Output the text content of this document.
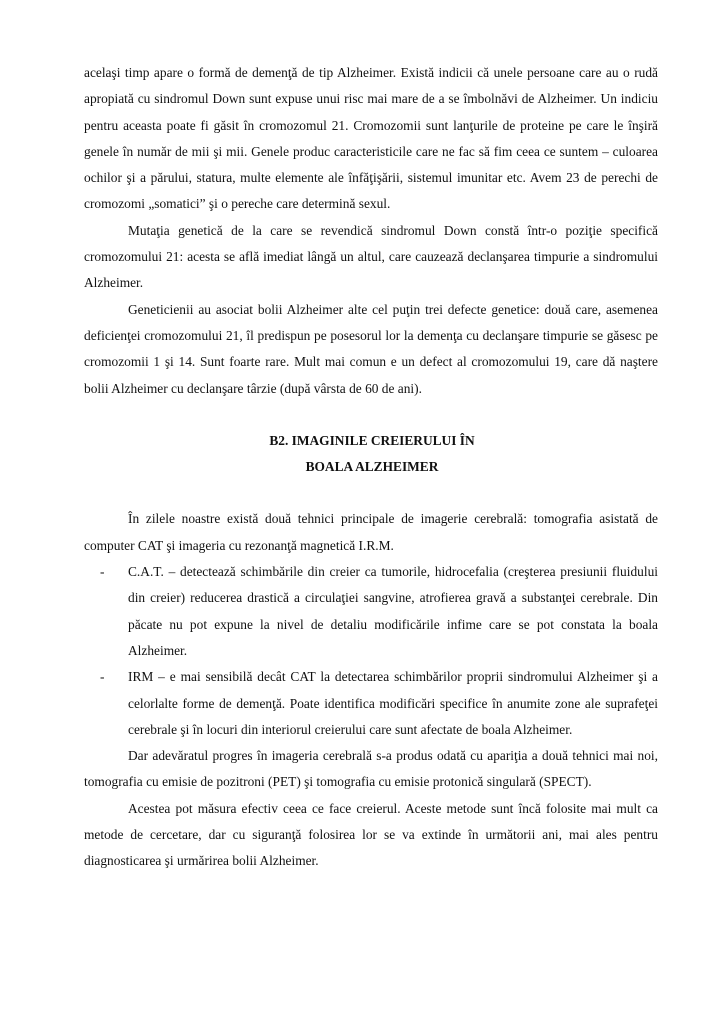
acelaşi timp apare o formă de demenţă de tip Alzheimer. Există indicii că unele persoane care au o rudă apropiată cu sindromul Down sunt expuse unui risc mai mare de a se îmbolnăvi de Alzheimer. Un indiciu pentru aceasta poate fi găsit în cromozomul 21. Cromozomii sunt lanţurile de proteine pe care le înşiră genele în număr de mii şi mii. Genele produc caracteristicile care ne fac să fim ceea ce suntem – culoarea ochilor şi a părului, statura, multe elemente ale înfăţişării, sistemul imunitar etc. Avem 23 de perechi de cromozomi „somatici” şi o pereche care determină sexul.

Mutaţia genetică de la care se revendică sindromul Down constă într-o poziţie specifică cromozomului 21: acesta se află imediat lângă un altul, care cauzează declanşarea timpurie a sindromului Alzheimer.

Geneticienii au asociat bolii Alzheimer alte cel puţin trei defecte genetice: două care, asemenea deficienţei cromozomului 21, îl predispun pe posesorul lor la demenţa cu declanşare timpurie se găsesc pe cromozomii 1 şi 14. Sunt foarte rare. Mult mai comun e un defect al cromozomului 19, care dă naştere bolii Alzheimer cu declanşare târzie (după vârsta de 60 de ani).

B2. IMAGINILE CREIERULUI ÎN

BOALA ALZHEIMER

În zilele noastre există două tehnici principale de imagerie cerebrală: tomografia asistată de computer CAT şi imageria cu rezonanţă magnetică I.R.M.

- C.A.T. – detectează schimbările din creier ca tumorile, hidrocefalia (creşterea presiunii fluidului din creier) reducerea drastică a circulaţiei sangvine, atrofierea gravă a substanţei cerebrale. Din păcate nu pot expune la nivel de detaliu modificările infime care se pot constata la boala Alzheimer.
- IRM – e mai sensibilă decât CAT la detectarea schimbărilor proprii sindromului Alzheimer şi a celorlalte forme de demenţă. Poate identifica modificări specifice în anumite zone ale suprafeţei cerebrale şi în locuri din interiorul creierului care sunt afectate de boala Alzheimer.

Dar adevăratul progres în imageria cerebrală s-a produs odată cu apariţia a două tehnici mai noi, tomografia cu emisie de pozitroni (PET) şi tomografia cu emisie protonică singulară (SPECT).

Acestea pot măsura efectiv ceea ce face creierul. Aceste metode sunt încă folosite mai mult ca metode de cercetare, dar cu siguranţă folosirea lor se va extinde în următorii ani, mai ales pentru diagnosticarea şi urmărirea bolii Alzheimer.
